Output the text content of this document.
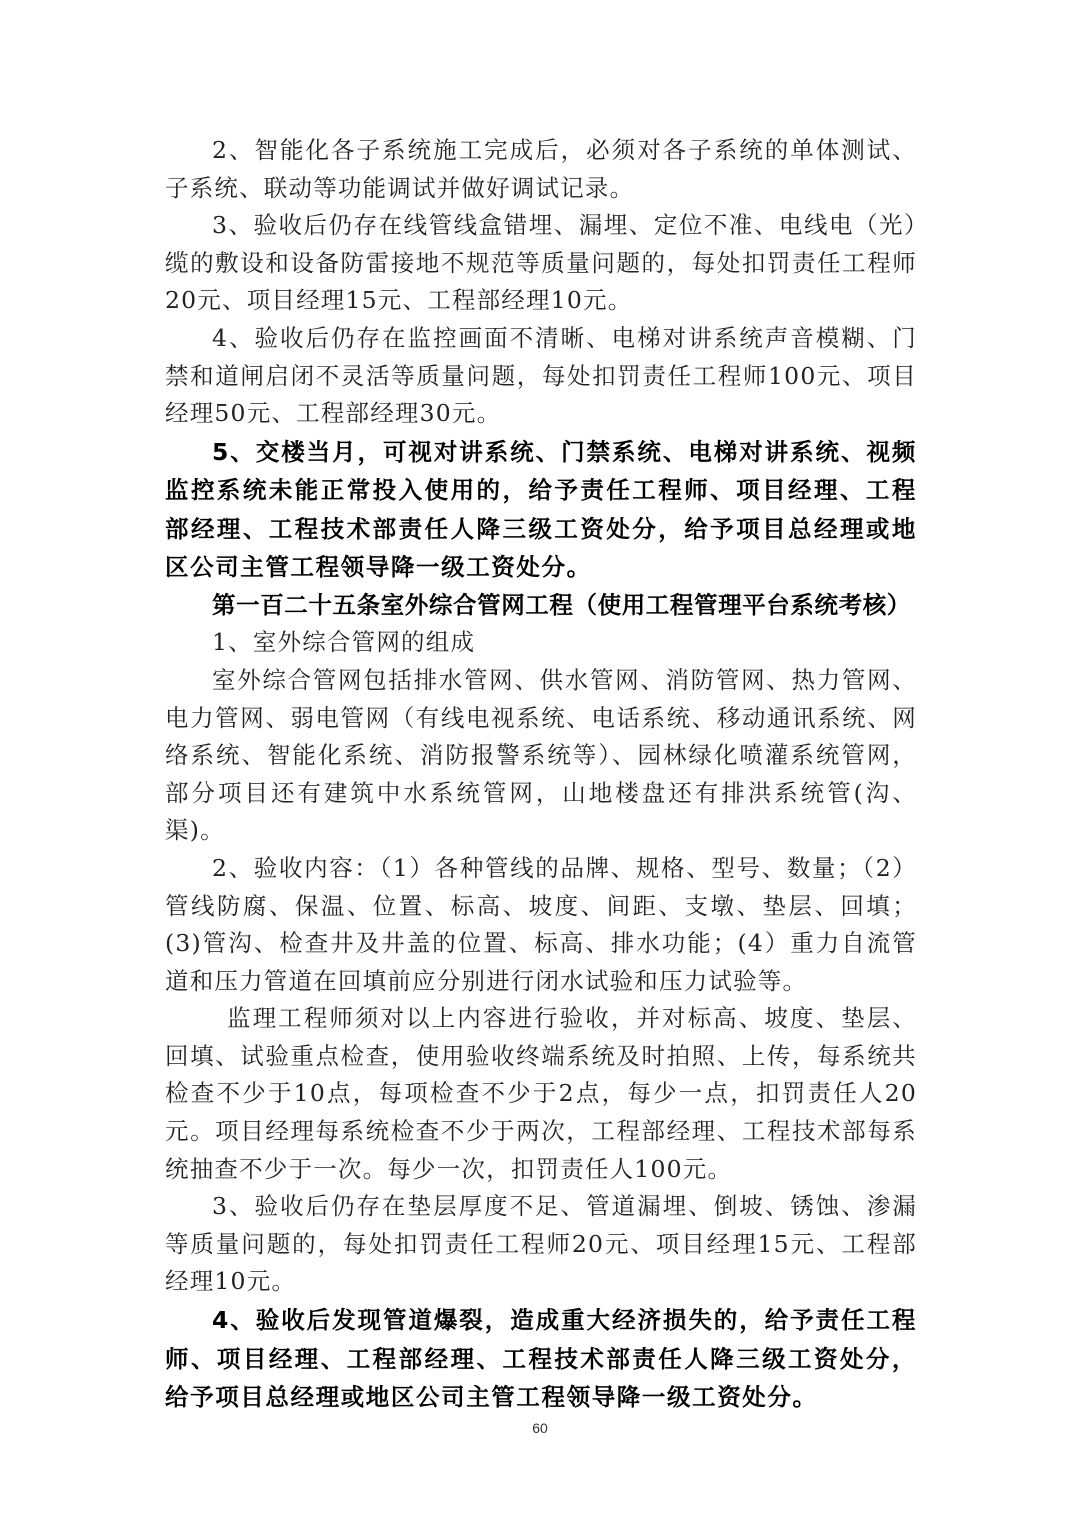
2、智能化各子系统施工完成后，必须对各子系统的单体测试、子系统、联动等功能调试并做好调试记录。

3、验收后仍存在线管线盒错埋、漏埋、定位不准、电线电（光）缆的敷设和设备防雷接地不规范等质量问题的，每处扣罚责任工程师20元、项目经理15元、工程部经理10元。

4、验收后仍存在监控画面不清晰、电梯对讲系统声音模糊、门禁和道闸启闭不灵活等质量问题，每处扣罚责任工程师100元、项目经理50元、工程部经理30元。

5、交楼当月，可视对讲系统、门禁系统、电梯对讲系统、视频监控系统未能正常投入使用的，给予责任工程师、项目经理、工程部经理、工程技术部责任人降三级工资处分，给予项目总经理或地区公司主管工程领导降一级工资处分。

第一百二十五条室外综合管网工程（使用工程管理平台系统考核）

1、室外综合管网的组成

室外综合管网包括排水管网、供水管网、消防管网、热力管网、电力管网、弱电管网（有线电视系统、电话系统、移动通讯系统、网络系统、智能化系统、消防报警系统等）、园林绿化喷灌系统管网，部分项目还有建筑中水系统管网，山地楼盘还有排洪系统管(沟、渠)。

2、验收内容：（1）各种管线的品牌、规格、型号、数量；（2）管线防腐、保温、位置、标高、坡度、间距、支墩、垫层、回填；(3)管沟、检查井及井盖的位置、标高、排水功能；(4）重力自流管道和压力管道在回填前应分别进行闭水试验和压力试验等。

监理工程师须对以上内容进行验收，并对标高、坡度、垫层、回填、试验重点检查，使用验收终端系统及时拍照、上传，每系统共检查不少于10点，每项检查不少于2点，每少一点，扣罚责任人20元。项目经理每系统检查不少于两次，工程部经理、工程技术部每系统抽查不少于一次。每少一次，扣罚责任人100元。

3、验收后仍存在垫层厚度不足、管道漏埋、倒坡、锈蚀、渗漏等质量问题的，每处扣罚责任工程师20元、项目经理15元、工程部经理10元。

4、验收后发现管道爆裂，造成重大经济损失的，给予责任工程师、项目经理、工程部经理、工程技术部责任人降三级工资处分，给予项目总经理或地区公司主管工程领导降一级工资处分。

60
